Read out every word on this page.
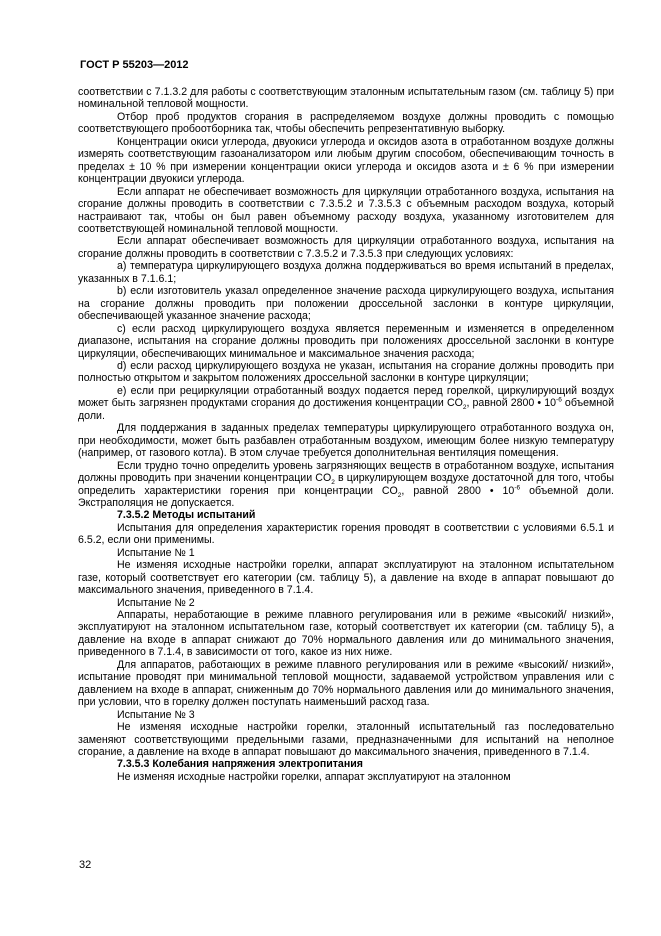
ГОСТ Р 55203—2012

соответствии с 7.1.3.2 для работы с соответствующим эталонным испытательным газом (см. таблицу 5) при номинальной тепловой мощности.

Отбор проб продуктов сгорания в распределяемом воздухе должны проводить с помощью соответствующего пробоотборника так, чтобы обеспечить репрезентативную выборку.

Концентрации окиси углерода, двуокиси углерода и оксидов азота в отработанном воздухе должны измерять соответствующим газоанализатором или любым другим способом, обеспечивающим точность в пределах ± 10 % при измерении концентрации окиси углерода и оксидов азота и ± 6 % при измерении концентрации двуокиси углерода.

Если аппарат не обеспечивает возможность для циркуляции отработанного воздуха, испытания на сгорание должны проводить в соответствии с 7.3.5.2 и 7.3.5.3 с объемным расходом воздуха, который настраивают так, чтобы он был равен объемному расходу воздуха, указанному изготовителем для соответствующей номинальной тепловой мощности.

Если аппарат обеспечивает возможность для циркуляции отработанного воздуха, испытания на сгорание должны проводить в соответствии с 7.3.5.2 и 7.3.5.3 при следующих условиях:

а) температура циркулирующего воздуха должна поддерживаться во время испытаний в пределах, указанных в 7.1.6.1;

b) если изготовитель указал определенное значение расхода циркулирующего воздуха, испытания на сгорание должны проводить при положении дроссельной заслонки в контуре циркуляции, обеспечивающей указанное значение расхода;

c) если расход циркулирующего воздуха является переменным и изменяется в определенном диапазоне, испытания на сгорание должны проводить при положениях дроссельной заслонки в контуре циркуляции, обеспечивающих минимальное и максимальное значения расхода;

d) если расход циркулирующего воздуха не указан, испытания на сгорание должны проводить при полностью открытом и закрытом положениях дроссельной заслонки в контуре циркуляции;

e) если при рециркуляции отработанный воздух подается перед горелкой, циркулирующий воздух может быть загрязнен продуктами сгорания до достижения концентрации $CO_2$, равной 2800 • $10^{-6}$ объемной доли.

Для поддержания в заданных пределах температуры циркулирующего отработанного воздуха он, при необходимости, может быть разбавлен отработанным воздухом, имеющим более низкую температуру (например, от газового котла). В этом случае требуется дополнительная вентиляция помещения.

Если трудно точно определить уровень загрязняющих веществ в отработанном воздухе, испытания должны проводить при значении концентрации $CO_2$ в циркулирующем воздухе достаточной для того, чтобы определить характеристики горения при концентрации $CO_2$, равной 2800 • $10^{-6}$ объемной доли. Экстраполяция не допускается.

7.3.5.2 Методы испытаний

Испытания для определения характеристик горения проводят в соответствии с условиями 6.5.1 и 6.5.2, если они применимы.

Испытание № 1

Не изменяя исходные настройки горелки, аппарат эксплуатируют на эталонном испытательном газе, который соответствует его категории (см. таблицу 5), а давление на входе в аппарат повышают до максимального значения, приведенного в 7.1.4.

Испытание № 2

Аппараты, неработающие в режиме плавного регулирования или в режиме «высокий/ низкий», эксплуатируют на эталонном испытательном газе, который соответствует их категории (см. таблицу 5), а давление на входе в аппарат снижают до 70% нормального давления или до минимального значения, приведенного в 7.1.4, в зависимости от того, какое из них ниже.

Для аппаратов, работающих в режиме плавного регулирования или в режиме «высокий/ низкий», испытание проводят при минимальной тепловой мощности, задаваемой устройством управления или с давлением на входе в аппарат, сниженным до 70% нормального давления или до минимального значения, при условии, что в горелку должен поступать наименьший расход газа.

Испытание № 3

Не изменяя исходные настройки горелки, эталонный испытательный газ последовательно заменяют соответствующими предельными газами, предназначенными для испытаний на неполное сгорание, а давление на входе в аппарат повышают до максимального значения, приведенного в 7.1.4.

7.3.5.3 Колебания напряжения электропитания

Не изменяя исходные настройки горелки, аппарат эксплуатируют на эталонном

32
